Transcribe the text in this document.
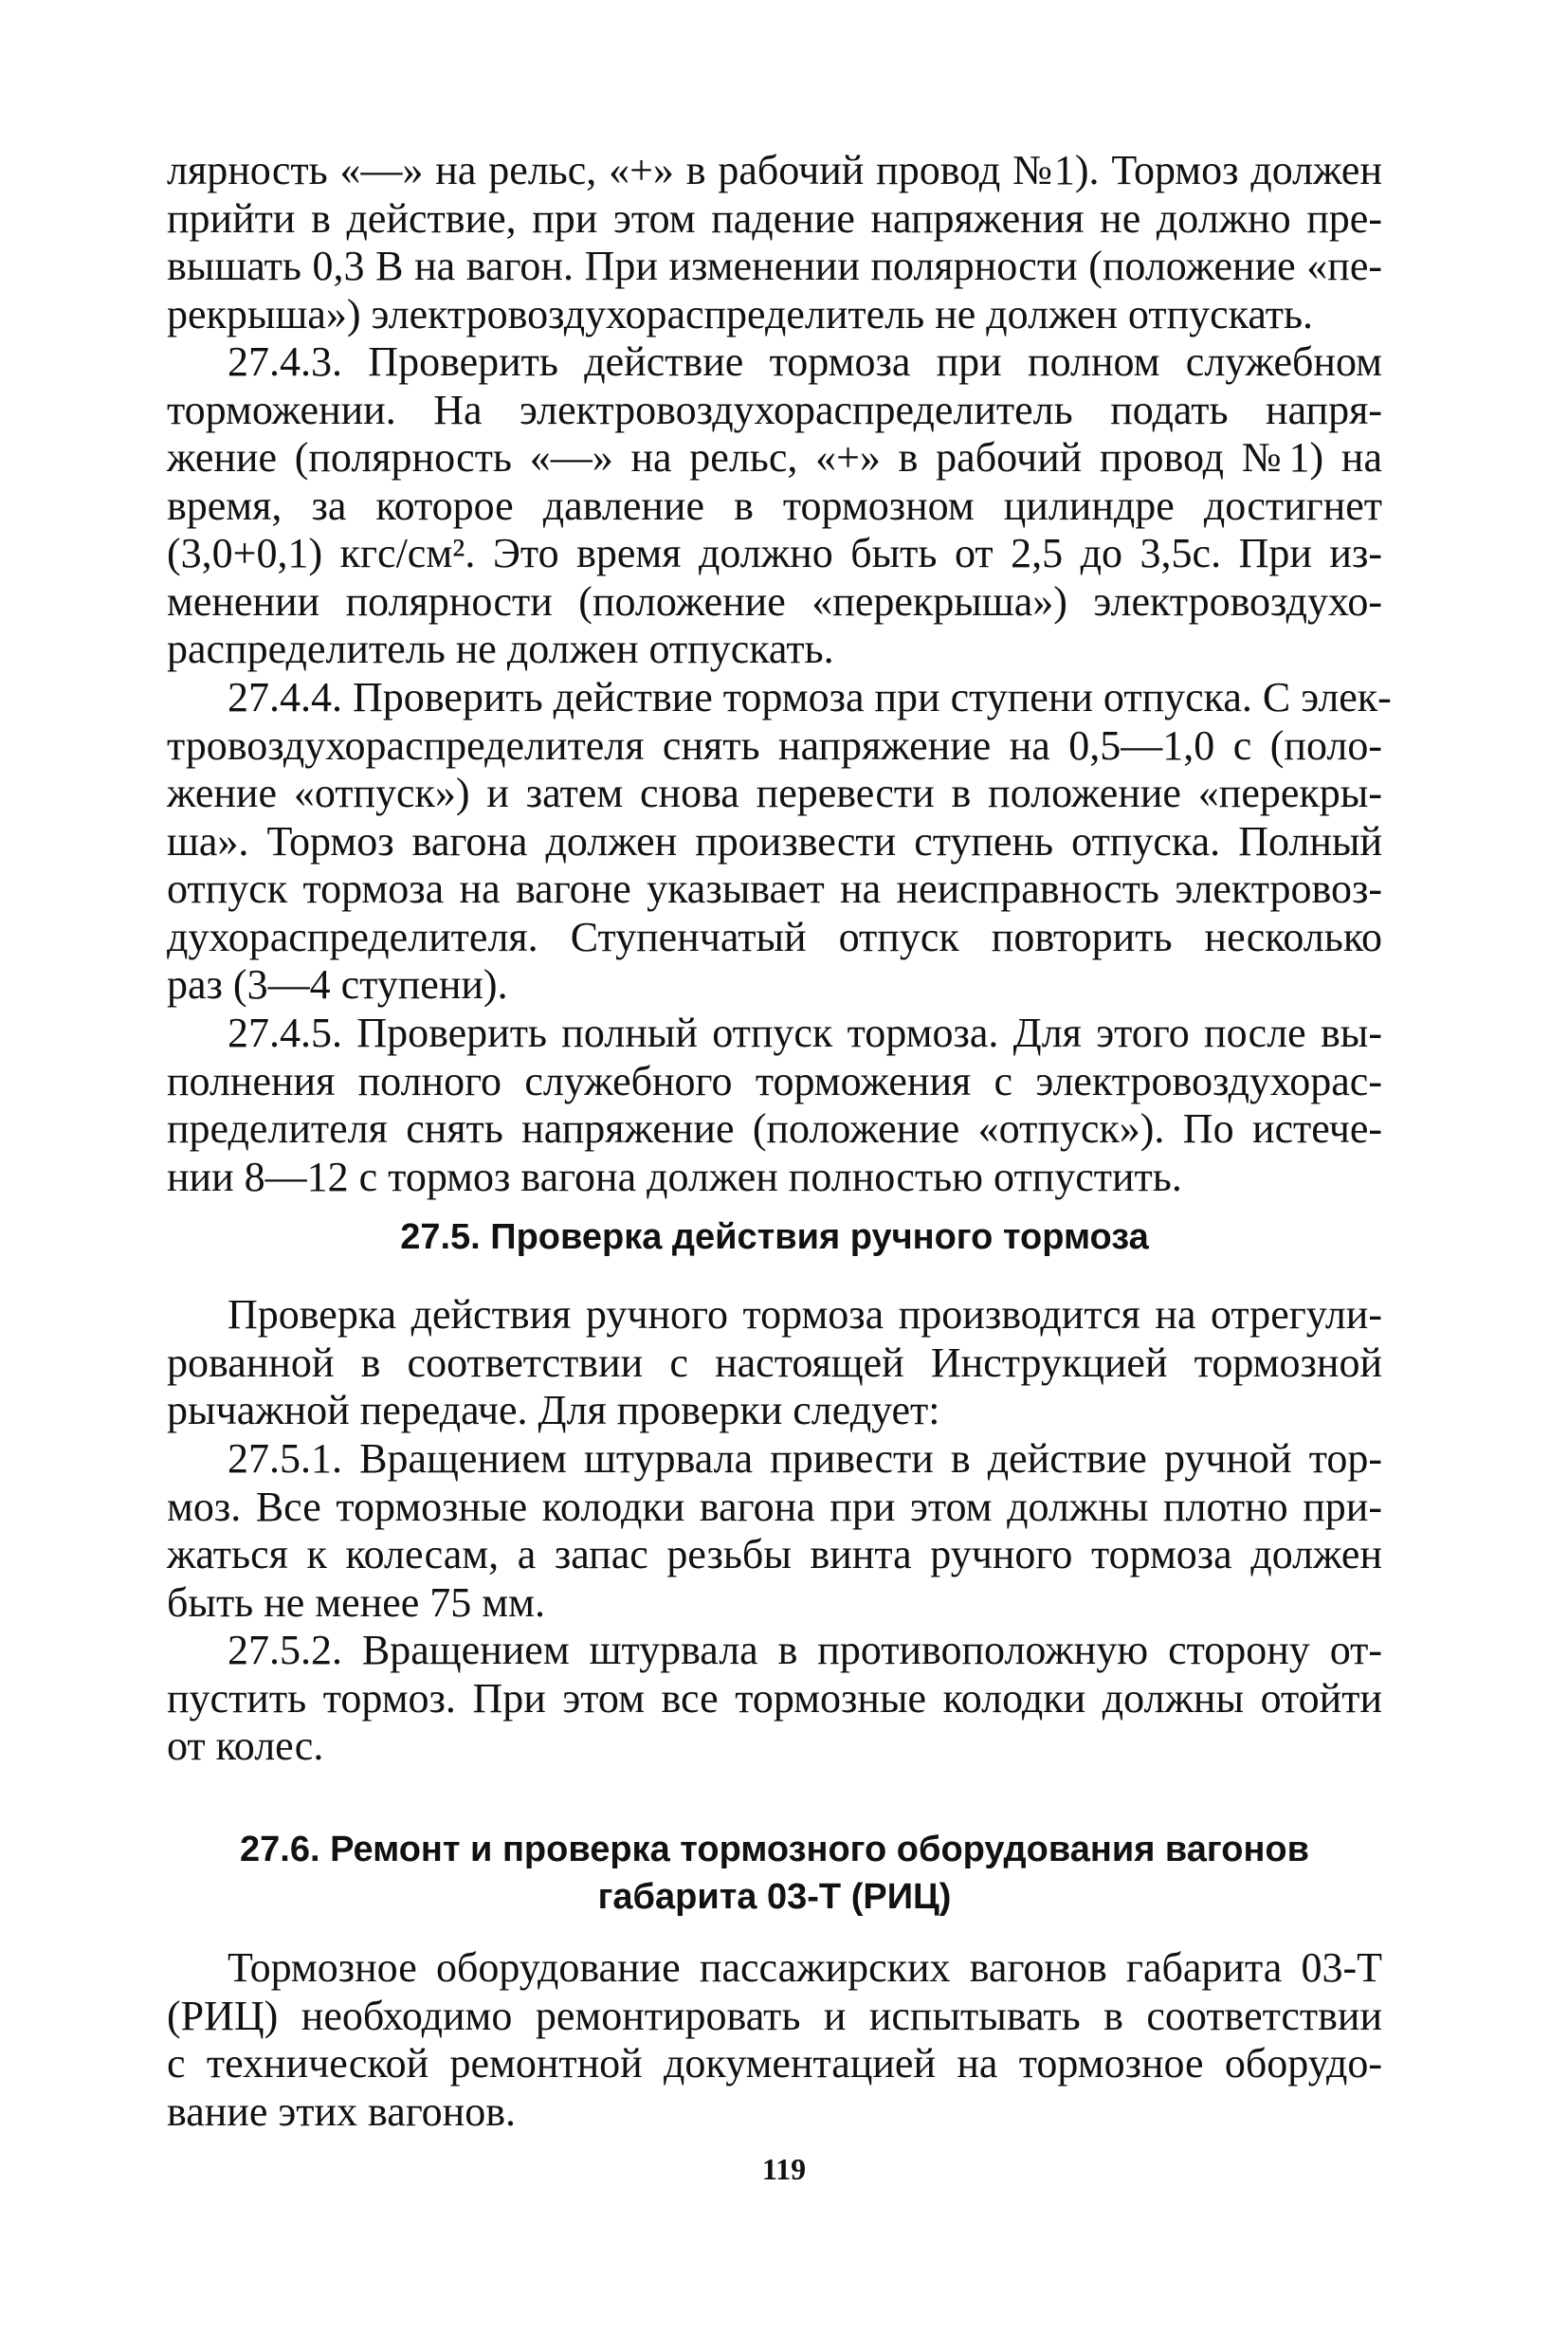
лярность «—» на рельс, «+» в рабочий провод №1). Тормоз должен
прийти в действие, при этом падение напряжения не должно пре-
вышать 0,3 В на вагон. При изменении полярности (положение «пе-
рекрыша») электровоздухораспределитель не должен отпускать.
27.4.3. Проверить действие тормоза при полном служебном
торможении. На электровоздухораспределитель подать напря-
жение (полярность «—» на рельс, «+» в рабочий провод №1) на
время, за которое давление в тормозном цилиндре достигнет
(3,0+0,1) кгс/см². Это время должно быть от 2,5 до 3,5с. При из-
менении полярности (положение «перекрыша») электровоздухо-
распределитель не должен отпускать.
27.4.4. Проверить действие тормоза при ступени отпуска. С элек-
тровоздухораспределителя снять напряжение на 0,5—1,0 с (поло-
жение «отпуск») и затем снова перевести в положение «перекры-
ша». Тормоз вагона должен произвести ступень отпуска. Полный
отпуск тормоза на вагоне указывает на неисправность электровоз-
духораспределителя. Ступенчатый отпуск повторить несколько
раз (3—4 ступени).
27.4.5. Проверить полный отпуск тормоза. Для этого после вы-
полнения полного служебного торможения с электровоздухорас-
пределителя снять напряжение (положение «отпуск»). По истече-
нии 8—12 с тормоз вагона должен полностью отпустить.
27.5. Проверка действия ручного тормоза
Проверка действия ручного тормоза производится на отрегули-
рованной в соответствии с настоящей Инструкцией тормозной
рычажной передаче. Для проверки следует:
27.5.1. Вращением штурвала привести в действие ручной тор-
моз. Все тормозные колодки вагона при этом должны плотно при-
жаться к колесам, а запас резьбы винта ручного тормоза должен
быть не менее 75 мм.
27.5.2. Вращением штурвала в противоположную сторону от-
пустить тормоз. При этом все тормозные колодки должны отойти
от колес.
27.6. Ремонт и проверка тормозного оборудования вагонов
габарита 03-Т (РИЦ)
Тормозное оборудование пассажирских вагонов габарита 03-Т
(РИЦ) необходимо ремонтировать и испытывать в соответствии
с технической ремонтной документацией на тормозное оборудо-
вание этих вагонов.
119
